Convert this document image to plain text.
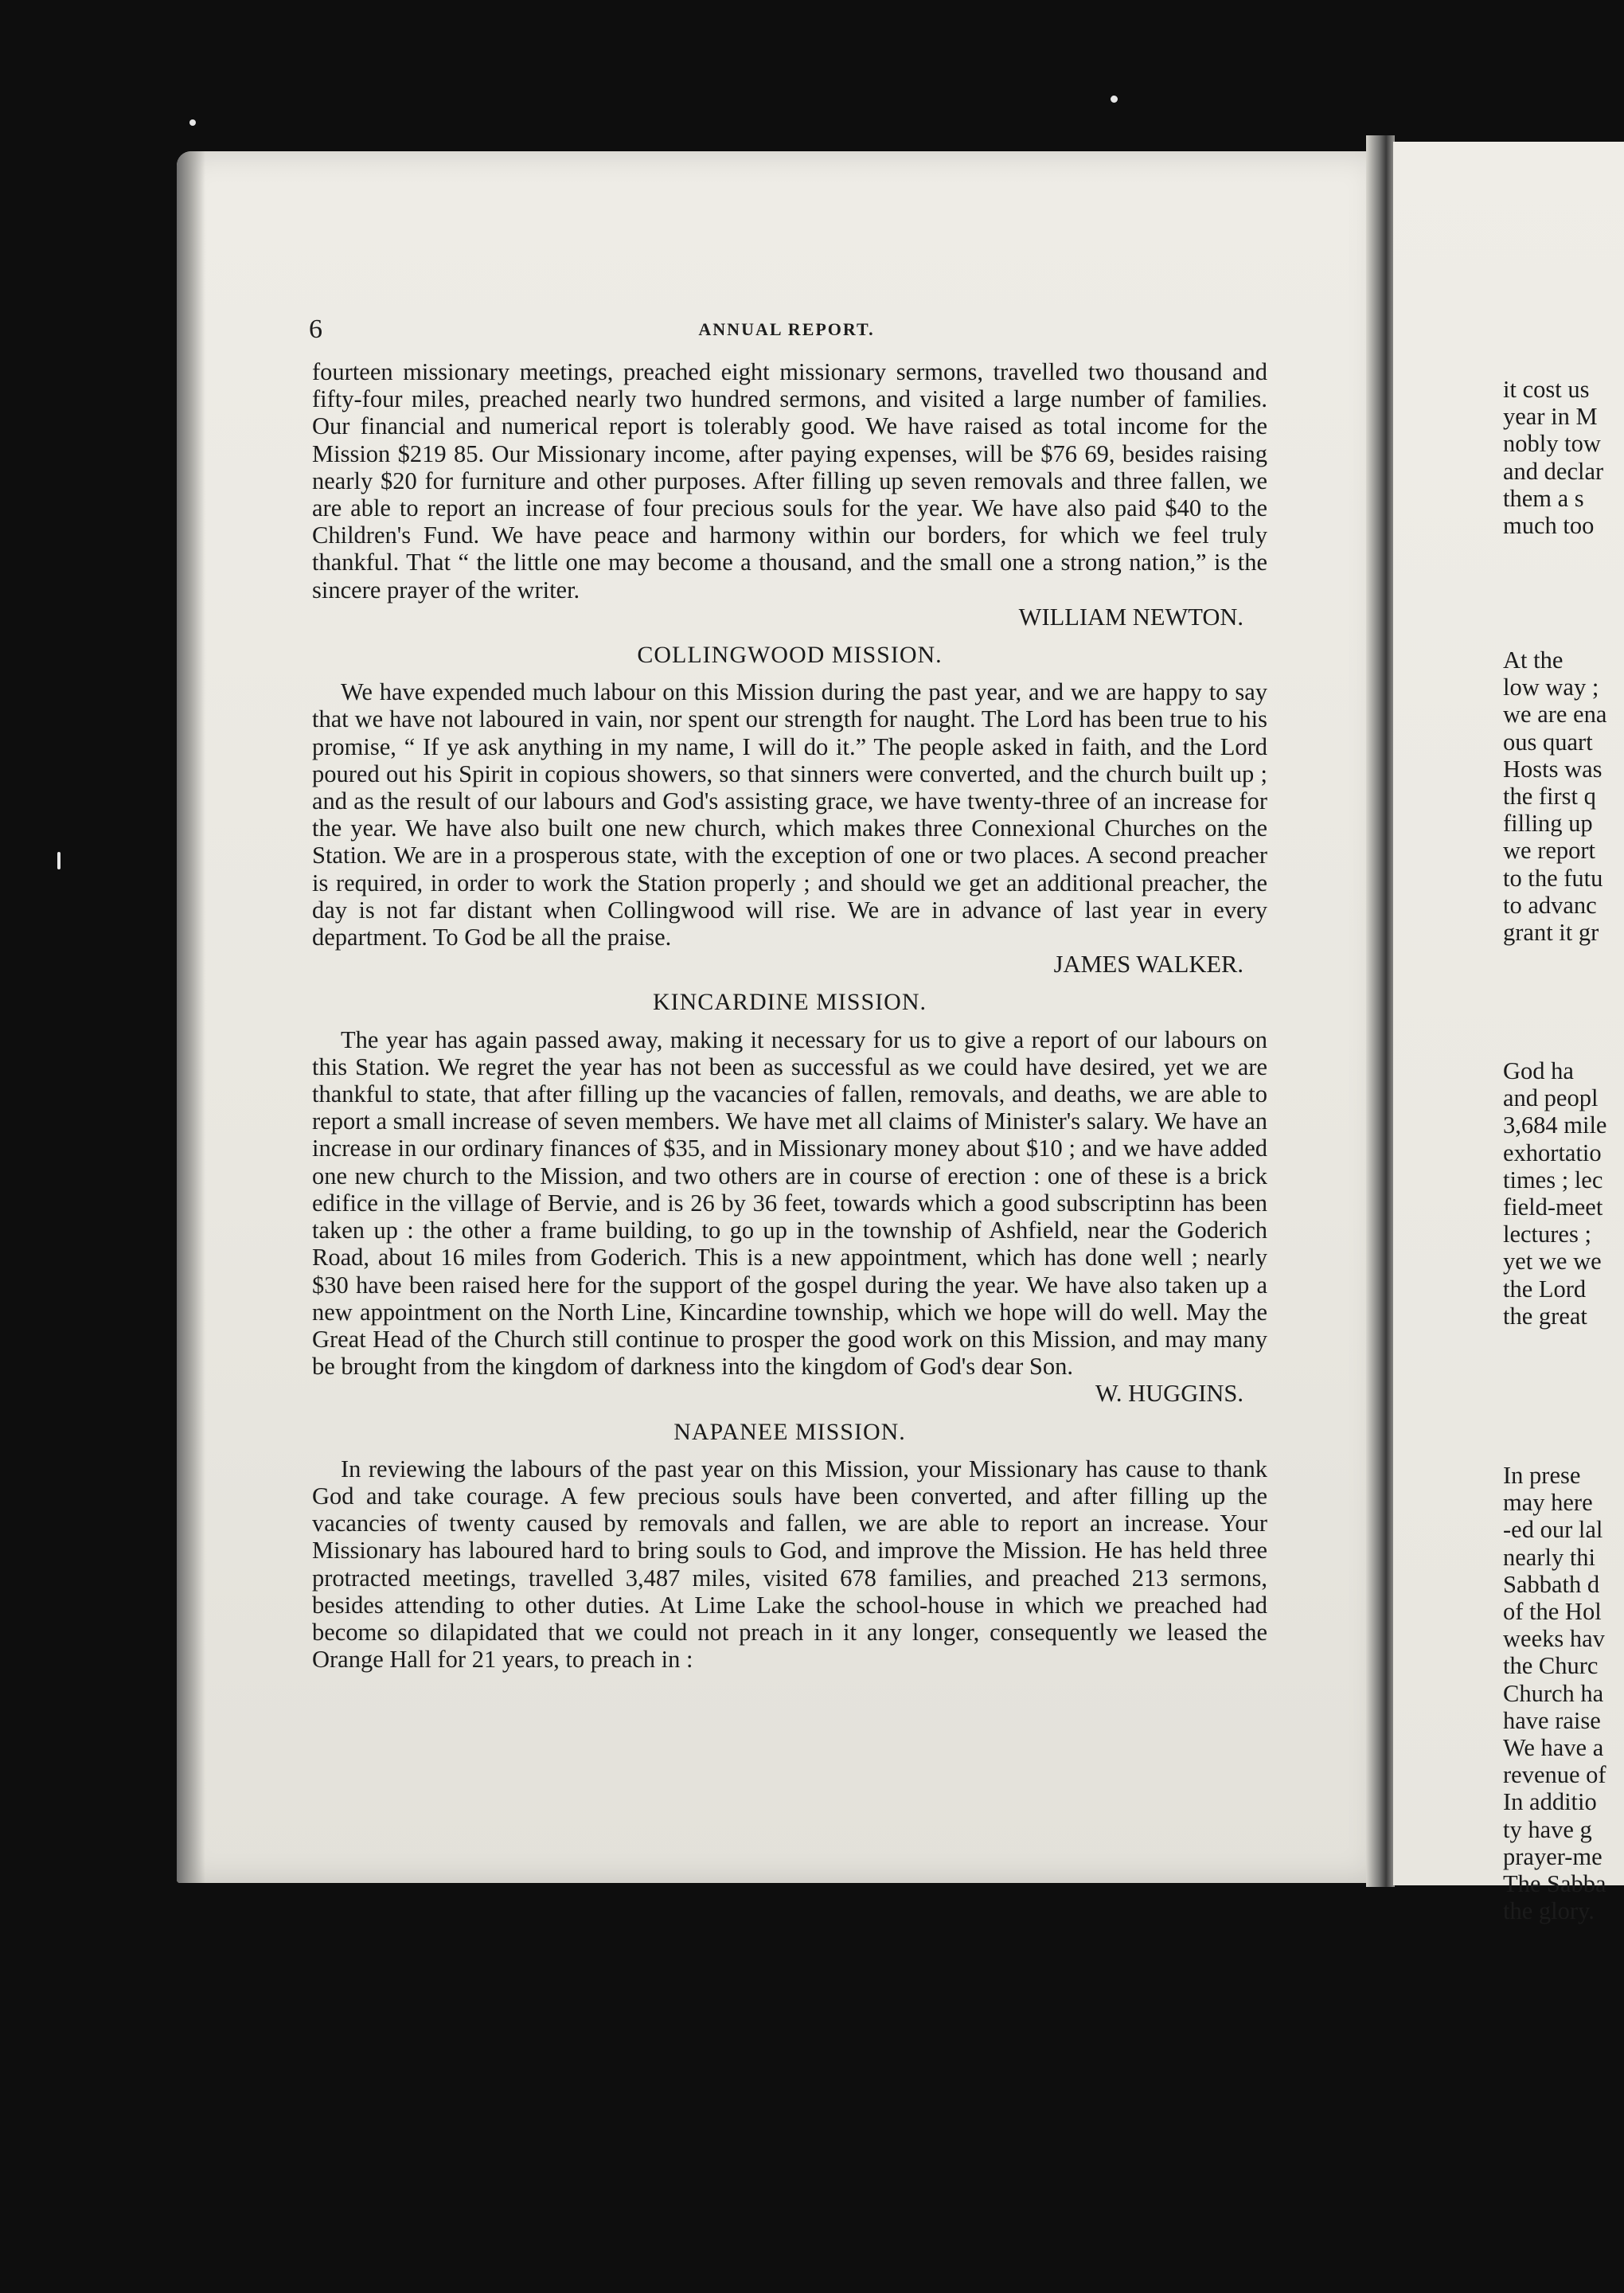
6	ANNUAL REPORT.

fourteen missionary meetings, preached eight missionary sermons, travelled two thousand and fifty-four miles, preached nearly two hundred sermons, and visited a large number of families. Our financial and numerical report is tolerably good. We have raised as total income for the Mission $219 85. Our Missionary income, after paying expenses, will be $76 69, besides raising nearly $20 for furniture and other purposes. After filling up seven removals and three fallen, we are able to report an increase of four precious souls for the year. We have also paid $40 to the Children's Fund. We have peace and harmony within our borders, for which we feel truly thankful. That “ the little one may become a thousand, and the small one a strong nation,” is the sincere prayer of the writer.

WILLIAM NEWTON.

COLLINGWOOD MISSION.

We have expended much labour on this Mission during the past year, and we are happy to say that we have not laboured in vain, nor spent our strength for naught. The Lord has been true to his promise, “ If ye ask anything in my name, I will do it.” The people asked in faith, and the Lord poured out his Spirit in copious showers, so that sinners were converted, and the church built up ; and as the result of our labours and God's assisting grace, we have twenty-three of an increase for the year. We have also built one new church, which makes three Connexional Churches on the Station. We are in a prosperous state, with the exception of one or two places. A second preacher is required, in order to work the Station properly ; and should we get an additional preacher, the day is not far distant when Collingwood will rise. We are in advance of last year in every department. To God be all the praise.

JAMES WALKER.

KINCARDINE MISSION.

The year has again passed away, making it necessary for us to give a report of our labours on this Station. We regret the year has not been as successful as we could have desired, yet we are thankful to state, that after filling up the vacancies of fallen, removals, and deaths, we are able to report a small increase of seven members. We have met all claims of Minister's salary. We have an increase in our ordinary finances of $35, and in Missionary money about $10 ; and we have added one new church to the Mission, and two others are in course of erection : one of these is a brick edifice in the village of Bervie, and is 26 by 36 feet, towards which a good subscriptinn has been taken up : the other a frame building, to go up in the township of Ashfield, near the Goderich Road, about 16 miles from Goderich. This is a new appointment, which has done well ; nearly $30 have been raised here for the support of the gospel during the year. We have also taken up a new appointment on the North Line, Kincardine township, which we hope will do well. May the Great Head of the Church still continue to prosper the good work on this Mission, and may many be brought from the kingdom of darkness into the kingdom of God's dear Son.

W. HUGGINS.

NAPANEE MISSION.

In reviewing the labours of the past year on this Mission, your Missionary has cause to thank God and take courage. A few precious souls have been converted, and after filling up the vacancies of twenty caused by removals and fallen, we are able to report an increase. Your Missionary has laboured hard to bring souls to God, and improve the Mission. He has held three protracted meetings, travelled 3,487 miles, visited 678 families, and preached 213 sermons, besides attending to other duties. At Lime Lake the school-house in which we preached had become so dilapidated that we could not preach in it any longer, consequently we leased the Orange Hall for 21 years, to preach in :

it cost us
year in M
nobly tow
and declar
them a s
much too
At the
low way ;
we are ena
ous quart
Hosts was
the first q
filling up
we report
to the futu
to advanc
grant it gr
God ha
and peopl
3,684 mile
exhortatio
times ; lec
field-meet
lectures ;
yet we we
the Lord
the great
In prese
may here
-ed our lal
nearly thi
Sabbath d
of the Hol
weeks hav
the Churc
Church ha
have raise
We have a
revenue of
In additio
ty have g
prayer-me
The Sabba
the glory.
